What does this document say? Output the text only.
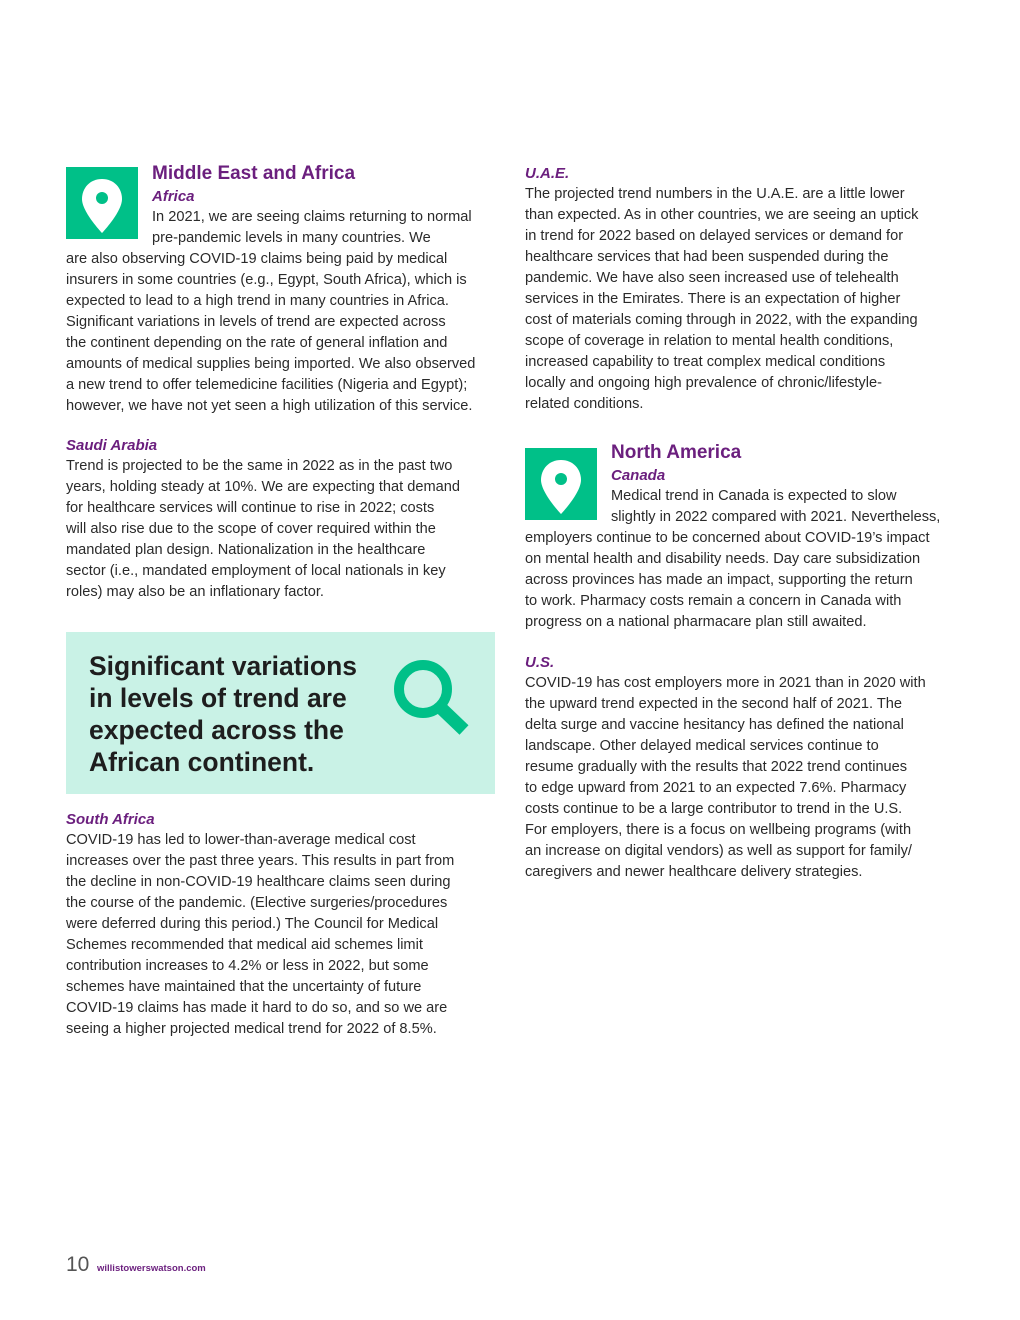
Middle East and Africa
Africa
In 2021, we are seeing claims returning to normal
pre-pandemic levels in many countries. We
are also observing COVID-19 claims being paid by medical
insurers in some countries (e.g., Egypt, South Africa), which is
expected to lead to a high trend in many countries in Africa.
Significant variations in levels of trend are expected across
the continent depending on the rate of general inflation and
amounts of medical supplies being imported. We also observed
a new trend to offer telemedicine facilities (Nigeria and Egypt);
however, we have not yet seen a high utilization of this service.
Saudi Arabia
Trend is projected to be the same in 2022 as in the past two
years, holding steady at 10%. We are expecting that demand
for healthcare services will continue to rise in 2022; costs
will also rise due to the scope of cover required within the
mandated plan design. Nationalization in the healthcare
sector (i.e., mandated employment of local nationals in key
roles) may also be an inflationary factor.
Significant variations
in levels of trend are
expected across the
African continent.
South Africa
COVID-19 has led to lower-than-average medical cost
increases over the past three years. This results in part from
the decline in non-COVID-19 healthcare claims seen during
the course of the pandemic. (Elective surgeries/procedures
were deferred during this period.) The Council for Medical
Schemes recommended that medical aid schemes limit
contribution increases to 4.2% or less in 2022, but some
schemes have maintained that the uncertainty of future
COVID-19 claims has made it hard to do so, and so we are
seeing a higher projected medical trend for 2022 of 8.5%.
U.A.E.
The projected trend numbers in the U.A.E. are a little lower
than expected. As in other countries, we are seeing an uptick
in trend for 2022 based on delayed services or demand for
healthcare services that had been suspended during the
pandemic. We have also seen increased use of telehealth
services in the Emirates. There is an expectation of higher
cost of materials coming through in 2022, with the expanding
scope of coverage in relation to mental health conditions,
increased capability to treat complex medical conditions
locally and ongoing high prevalence of chronic/lifestyle-
related conditions.
North America
Canada
Medical trend in Canada is expected to slow
slightly in 2022 compared with 2021. Nevertheless,
employers continue to be concerned about COVID-19’s impact
on mental health and disability needs. Day care subsidization
across provinces has made an impact, supporting the return
to work. Pharmacy costs remain a concern in Canada with
progress on a national pharmacare plan still awaited.
U.S.
COVID-19 has cost employers more in 2021 than in 2020 with
the upward trend expected in the second half of 2021. The
delta surge and vaccine hesitancy has defined the national
landscape. Other delayed medical services continue to
resume gradually with the results that 2022 trend continues
to edge upward from 2021 to an expected 7.6%. Pharmacy
costs continue to be a large contributor to trend in the U.S.
For employers, there is a focus on wellbeing programs (with
an increase on digital vendors) as well as support for family/
caregivers and newer healthcare delivery strategies.
10 willistowerswatson.com
